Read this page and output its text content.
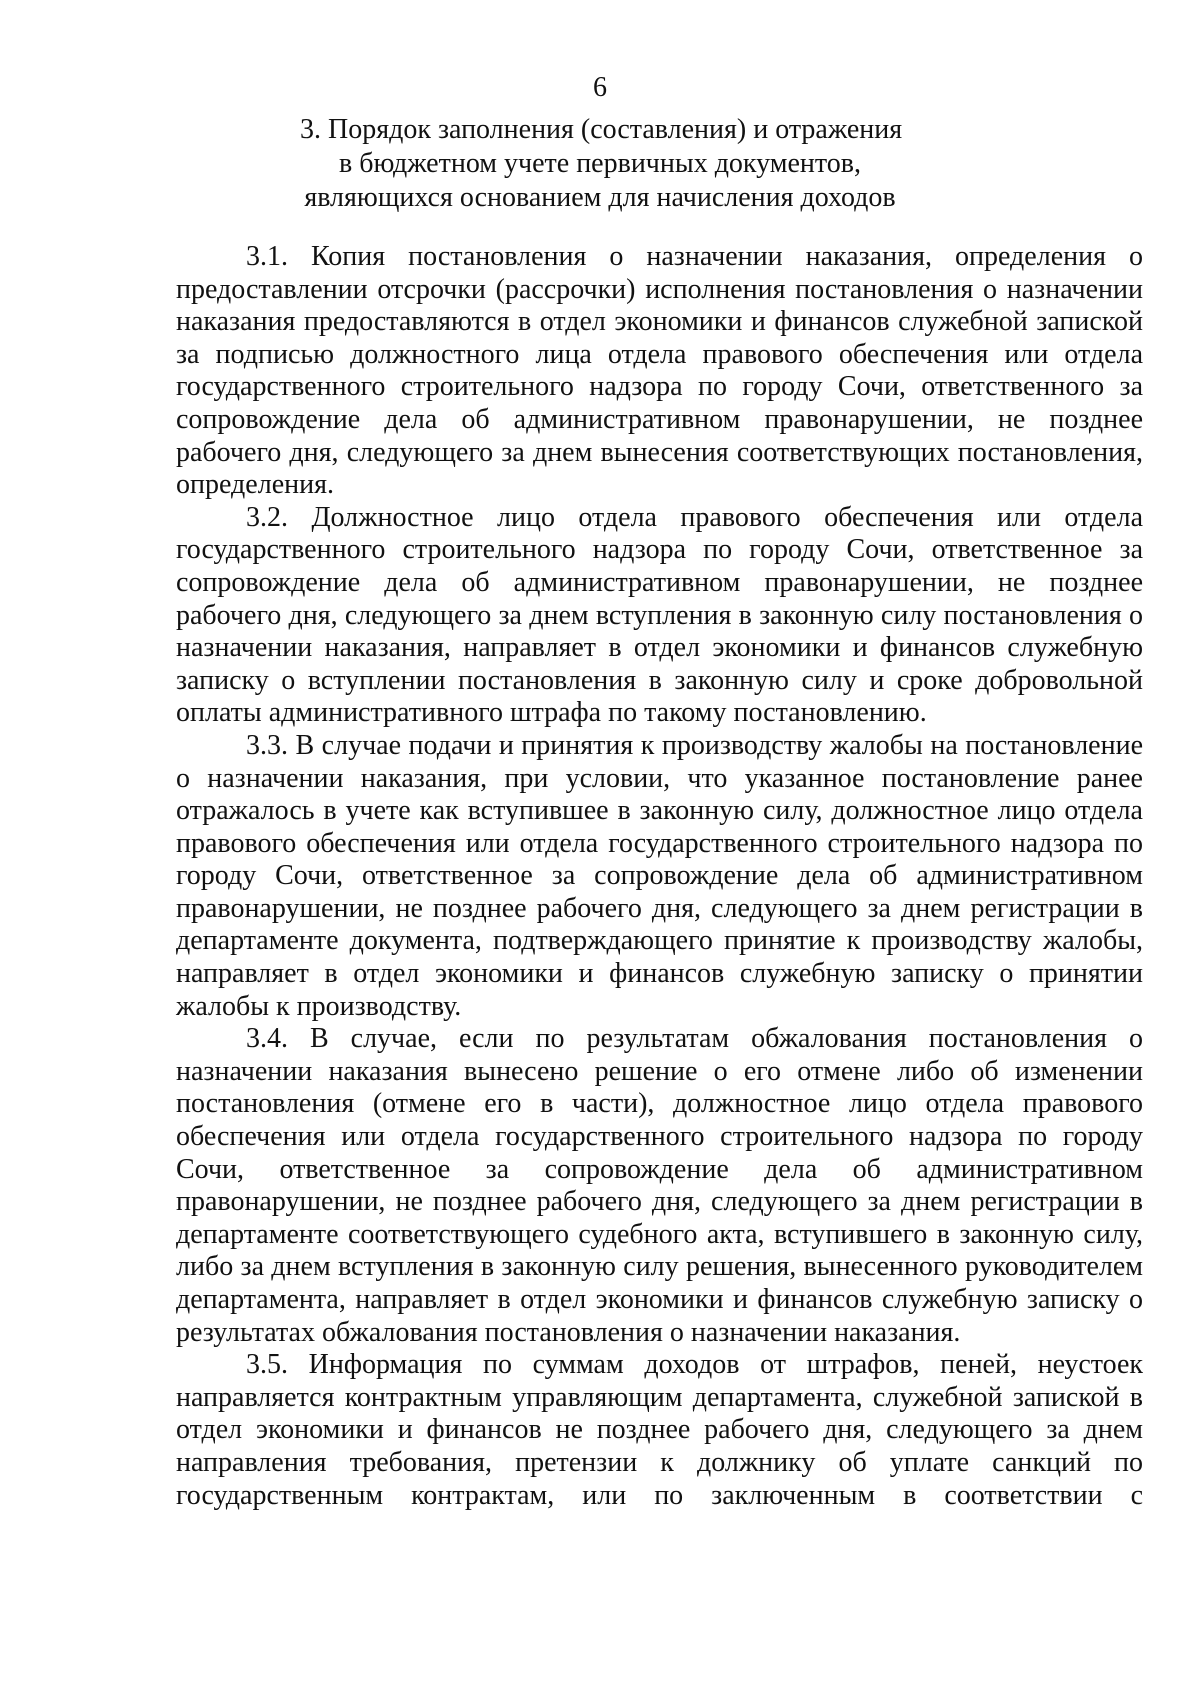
6
3. Порядок заполнения (составления) и отражения
в бюджетном учете первичных документов,
являющихся основанием для начисления доходов

3.1. Копия постановления о назначении наказания, определения о предоставлении отсрочки (рассрочки) исполнения постановления о назначении наказания предоставляются в отдел экономики и финансов служебной запиской за подписью должностного лица отдела правового обеспечения или отдела государственного строительного надзора по городу Сочи, ответственного за сопровождение дела об административном правонарушении, не позднее рабочего дня, следующего за днем вынесения соответствующих постановления, определения.

3.2. Должностное лицо отдела правового обеспечения или отдела государственного строительного надзора по городу Сочи, ответственное за сопровождение дела об административном правонарушении, не позднее рабочего дня, следующего за днем вступления в законную силу постановления о назначении наказания, направляет в отдел экономики и финансов служебную записку о вступлении постановления в законную силу и сроке добровольной оплаты административного штрафа по такому постановлению.

3.3. В случае подачи и принятия к производству жалобы на постановление о назначении наказания, при условии, что указанное постановление ранее отражалось в учете как вступившее в законную силу, должностное лицо отдела правового обеспечения или отдела государственного строительного надзора по городу Сочи, ответственное за сопровождение дела об административном правонарушении, не позднее рабочего дня, следующего за днем регистрации в департаменте документа, подтверждающего принятие к производству жалобы, направляет в отдел экономики и финансов служебную записку о принятии жалобы к производству.

3.4. В случае, если по результатам обжалования постановления о назначении наказания вынесено решение о его отмене либо об изменении постановления (отмене его в части), должностное лицо отдела правового обеспечения или отдела государственного строительного надзора по городу Сочи, ответственное за сопровождение дела об административном правонарушении, не позднее рабочего дня, следующего за днем регистрации в департаменте соответствующего судебного акта, вступившего в законную силу, либо за днем вступления в законную силу решения, вынесенного руководителем департамента, направляет в отдел экономики и финансов служебную записку о результатах обжалования постановления о назначении наказания.

3.5. Информация по суммам доходов от штрафов, пеней, неустоек направляется контрактным управляющим департамента, служебной запиской в отдел экономики и финансов не позднее рабочего дня, следующего за днем направления требования, претензии к должнику об уплате санкций по государственным контрактам, или по заключенным в соответствии с
